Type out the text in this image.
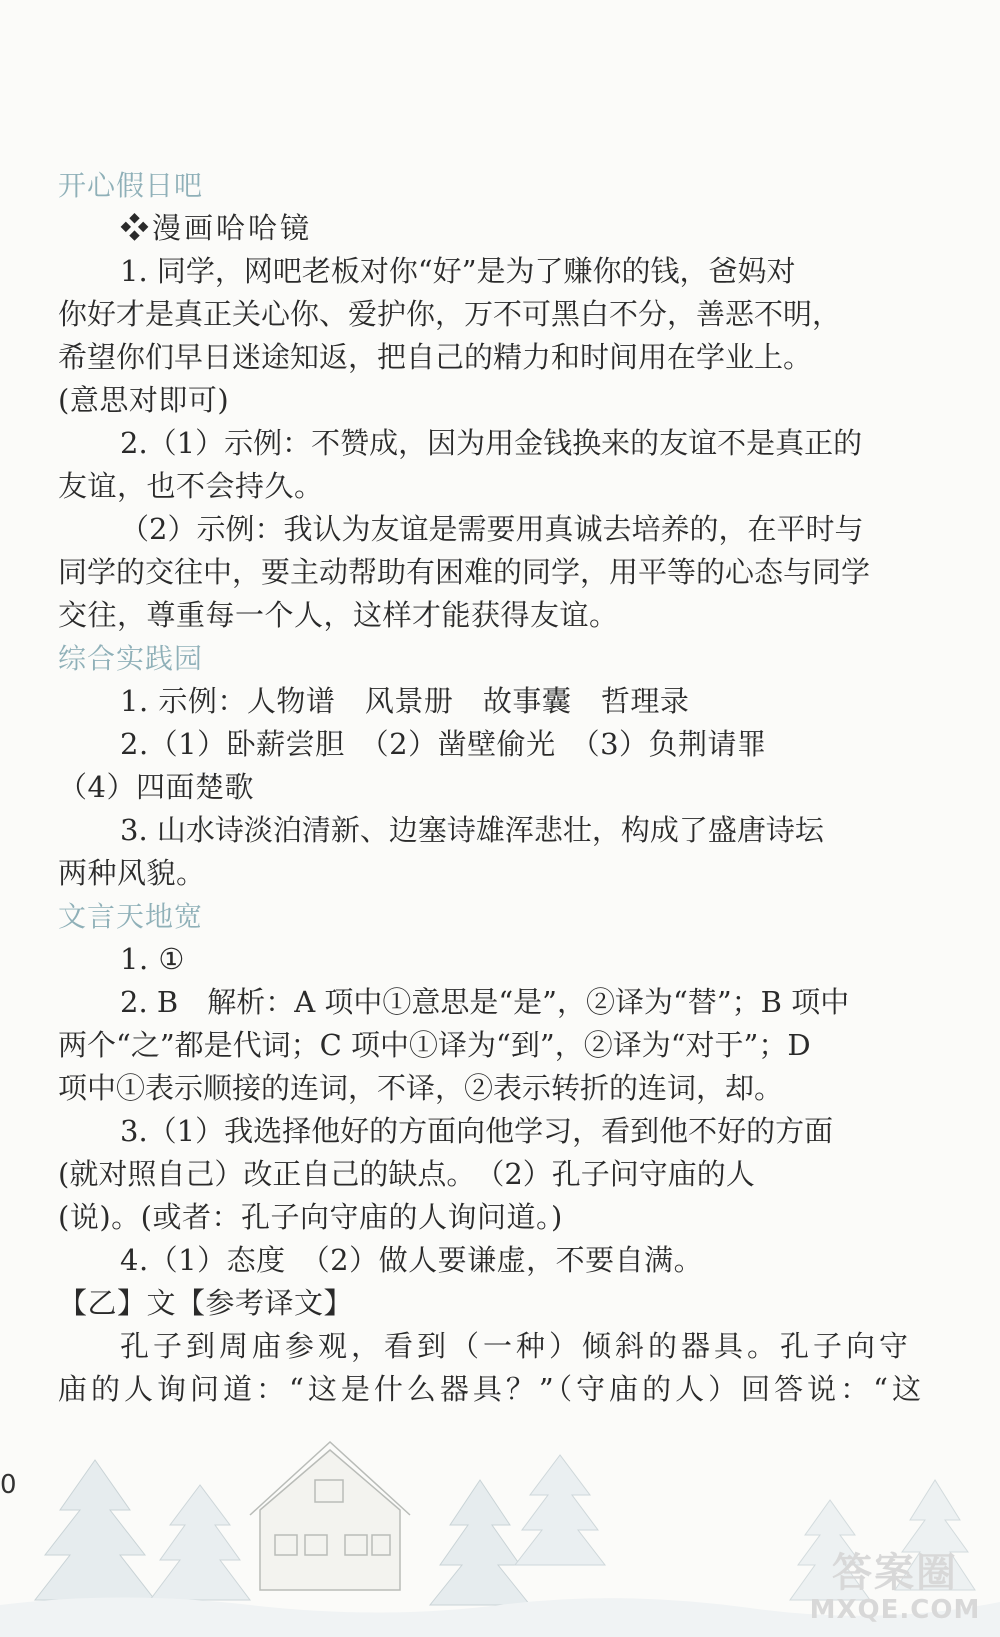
开心假日吧
❖漫画哈哈镜
1. 同学，网吧老板对你“好”是为了赚你的钱，爸妈对
你好才是真正关心你、爱护你，万不可黑白不分，善恶不明，
希望你们早日迷途知返，把自己的精力和时间用在学业上。
(意思对即可)
2.（1）示例：不赞成，因为用金钱换来的友谊不是真正的
友谊，也不会持久。
（2）示例：我认为友谊是需要用真诚去培养的，在平时与
同学的交往中，要主动帮助有困难的同学，用平等的心态与同学
交往，尊重每一个人，这样才能获得友谊。
综合实践园
1. 示例：人物谱　风景册　故事囊　哲理录
2.（1）卧薪尝胆　（2）凿壁偷光　（3）负荆请罪
（4）四面楚歌
3. 山水诗淡泊清新、边塞诗雄浑悲壮，构成了盛唐诗坛
两种风貌。
文言天地宽
1. ①
2. B　解析：A 项中①意思是“是”，②译为“替”；B 项中
两个“之”都是代词；C 项中①译为“到”，②译为“对于”；D
项中①表示顺接的连词，不译，②表示转折的连词，却。
3.（1）我选择他好的方面向他学习，看到他不好的方面
(就对照自己）改正自己的缺点。　（2）孔子问守庙的人
(说)。(或者：孔子向守庙的人询问道。)
4.（1）态度　（2）做人要谦虚，不要自满。
【乙】文【参考译文】
孔子到周庙参观，看到（一种）倾斜的器具。孔子向守
庙的人询问道：“这是什么器具？”（守庙的人）回答说：“这
0
答案圈
MXQE.COM
